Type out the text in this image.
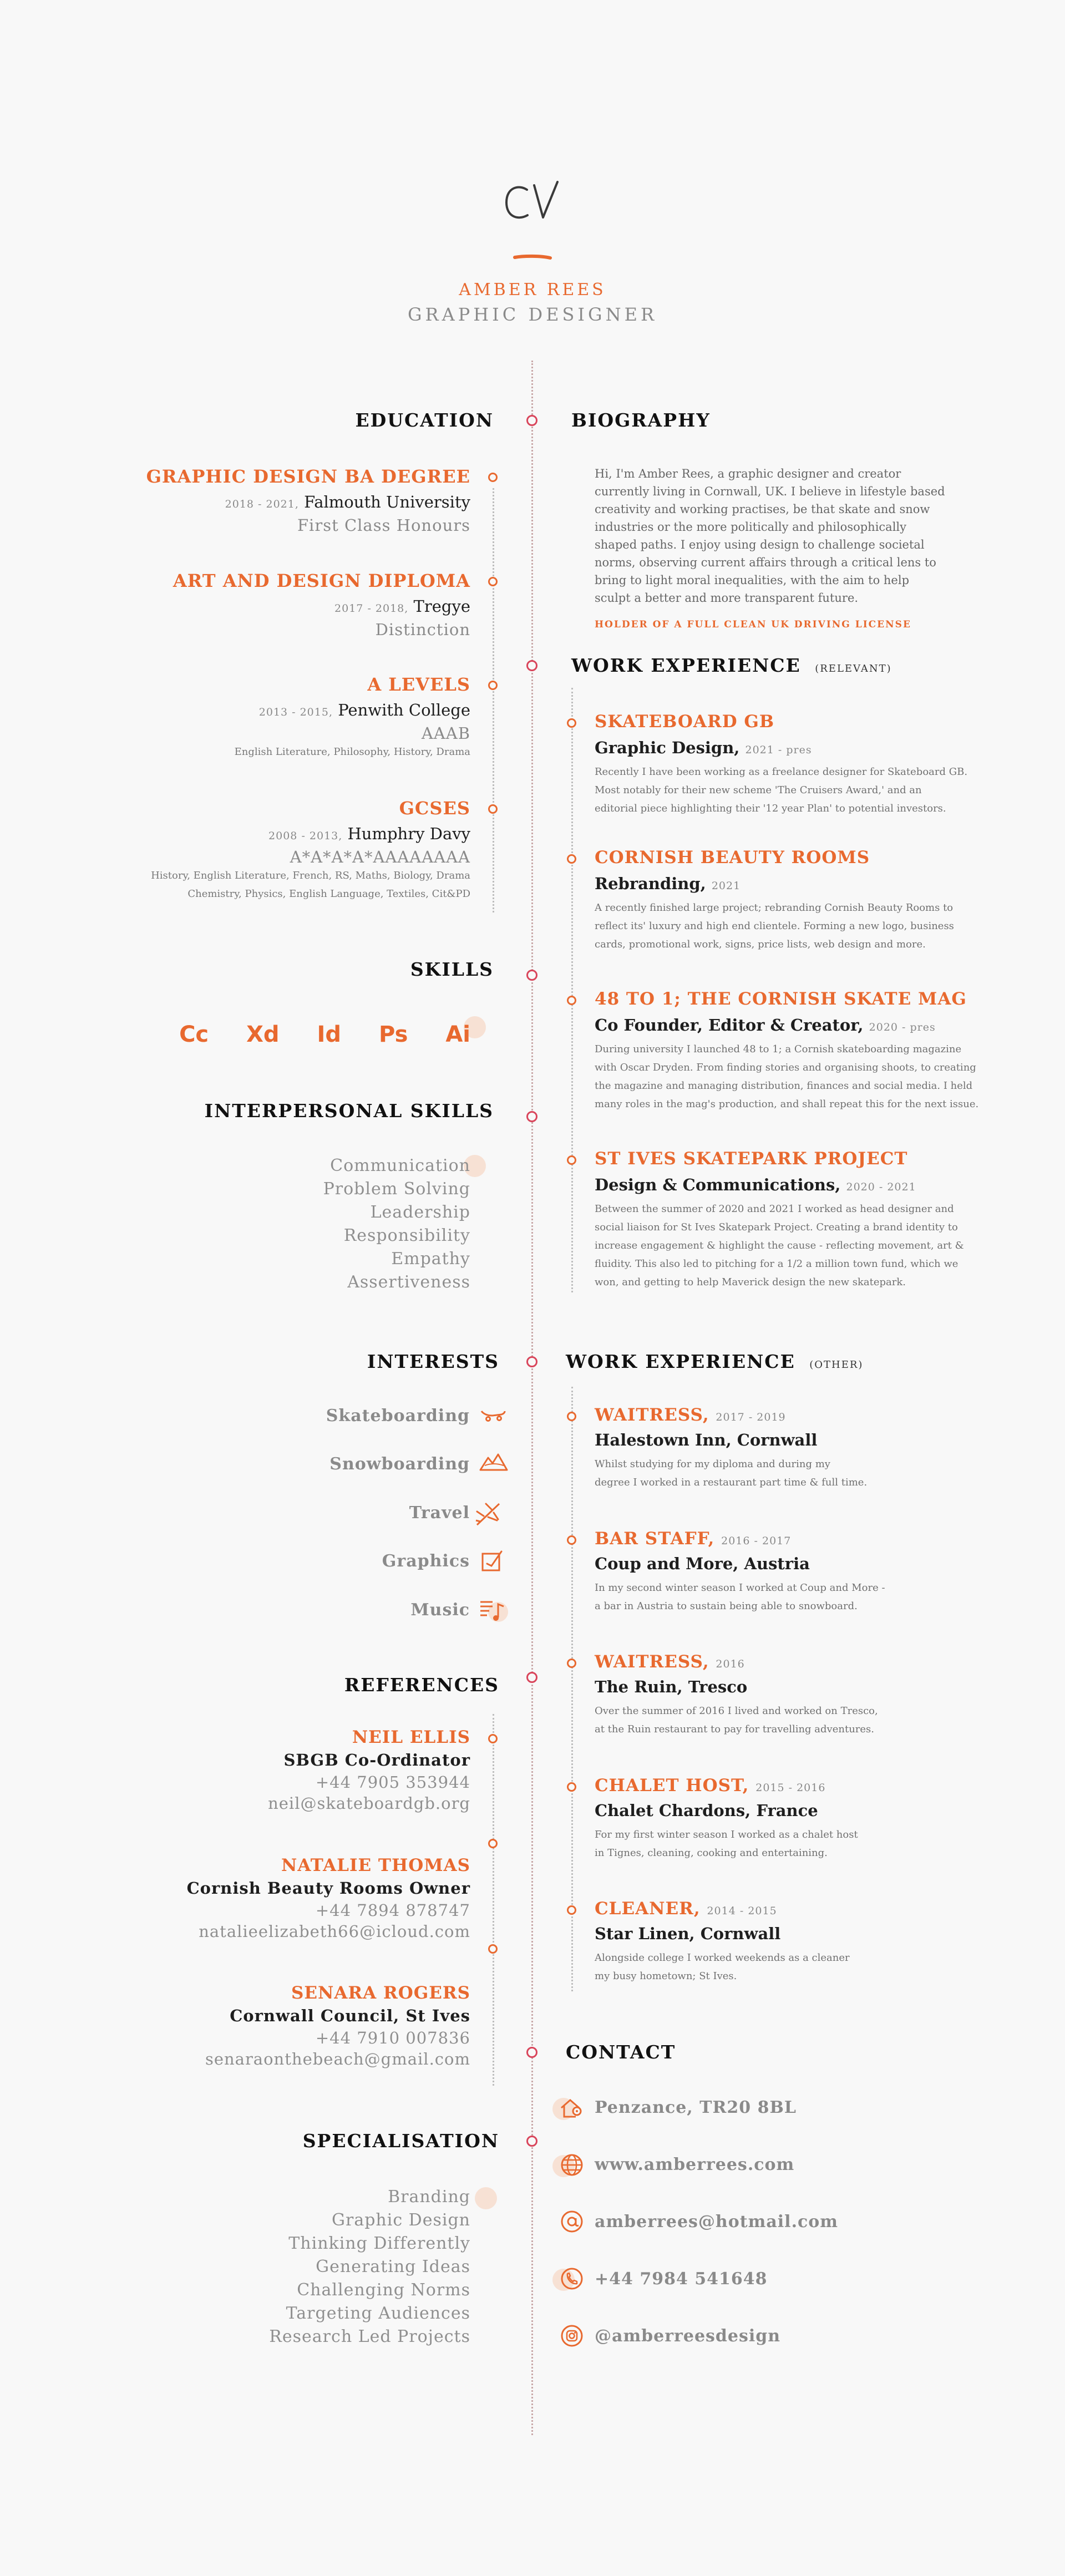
AMBER REES
GRAPHIC DESIGNER
EDUCATION
GRAPHIC DESIGN BA DEGREE
2018 - 2021, Falmouth University
First Class Honours
ART AND DESIGN DIPLOMA
2017 - 2018, Tregye
Distinction
A LEVELS
2013 - 2015, Penwith College
AAAB
English Literature, Philosophy, History, Drama
GCSES
2008 - 2013, Humphry Davy
A*A*A*A*AAAAAAAA
History, English Literature, French, RS, Maths, Biology, Drama
Chemistry, Physics, English Language, Textiles, Cit&PD
BIOGRAPHY
Hi, I'm Amber Rees, a graphic designer and creator
currently living in Cornwall, UK. I believe in lifestyle based
creativity and working practises, be that skate and snow
industries or the more politically and philosophically
shaped paths. I enjoy using design to challenge societal
norms, observing current affairs through a critical lens to
bring to light moral inequalities, with the aim to help
sculpt a better and more transparent future.
HOLDER OF A FULL CLEAN UK DRIVING LICENSE
WORK EXPERIENCE (RELEVANT)
SKATEBOARD GB
Graphic Design, 2021 - pres
Recently I have been working as a freelance designer for Skateboard GB.
Most notably for their new scheme 'The Cruisers Award,' and an
editorial piece highlighting their '12 year Plan' to potential investors.
CORNISH BEAUTY ROOMS
Rebranding, 2021
A recently finished large project; rebranding Cornish Beauty Rooms to
reflect its' luxury and high end clientele. Forming a new logo, business
cards, promotional work, signs, price lists, web design and more.
48 TO 1; THE CORNISH SKATE MAG
Co Founder, Editor & Creator, 2020 - pres
During university I launched 48 to 1; a Cornish skateboarding magazine
with Oscar Dryden. From finding stories and organising shoots, to creating
the magazine and managing distribution, finances and social media. I held
many roles in the mag's production, and shall repeat this for the next issue.
ST IVES SKATEPARK PROJECT
Design & Communications, 2020 - 2021
Between the summer of 2020 and 2021 I worked as head designer and
social liaison for St Ives Skatepark Project. Creating a brand identity to
increase engagement & highlight the cause - reflecting movement, art &
fluidity. This also led to pitching for a 1/2 a million town fund, which we
won, and getting to help Maverick design the new skatepark.
SKILLS
Cc Xd Id Ps Ai
INTERPERSONAL SKILLS
Communication
Problem Solving
Leadership
Responsibility
Empathy
Assertiveness
INTERESTS
Skateboarding
Snowboarding
Travel
Graphics
Music
WORK EXPERIENCE (OTHER)
WAITRESS, 2017 - 2019
Halestown Inn, Cornwall
Whilst studying for my diploma and during my
degree I worked in a restaurant part time & full time.
BAR STAFF, 2016 - 2017
Coup and More, Austria
In my second winter season I worked at Coup and More -
a bar in Austria to sustain being able to snowboard.
WAITRESS, 2016
The Ruin, Tresco
Over the summer of 2016 I lived and worked on Tresco,
at the Ruin restaurant to pay for travelling adventures.
CHALET HOST, 2015 - 2016
Chalet Chardons, France
For my first winter season I worked as a chalet host
in Tignes, cleaning, cooking and entertaining.
CLEANER, 2014 - 2015
Star Linen, Cornwall
Alongside college I worked weekends as a cleaner
my busy hometown; St Ives.
REFERENCES
NEIL ELLIS
SBGB Co-Ordinator
+44 7905 353944
neil@skateboardgb.org
NATALIE THOMAS
Cornish Beauty Rooms Owner
+44 7894 878747
natalieelizabeth66@icloud.com
SENARA ROGERS
Cornwall Council, St Ives
+44 7910 007836
senaraonthebeach@gmail.com	CONTACT
Penzance, TR20 8BL
www.amberrees.com
amberrees@hotmail.com
+44 7984 541648
@amberreesdesign
SPECIALISATION
Branding
Graphic Design
Thinking Differently
Generating Ideas
Challenging Norms
Targeting Audiences
Research Led Projects
